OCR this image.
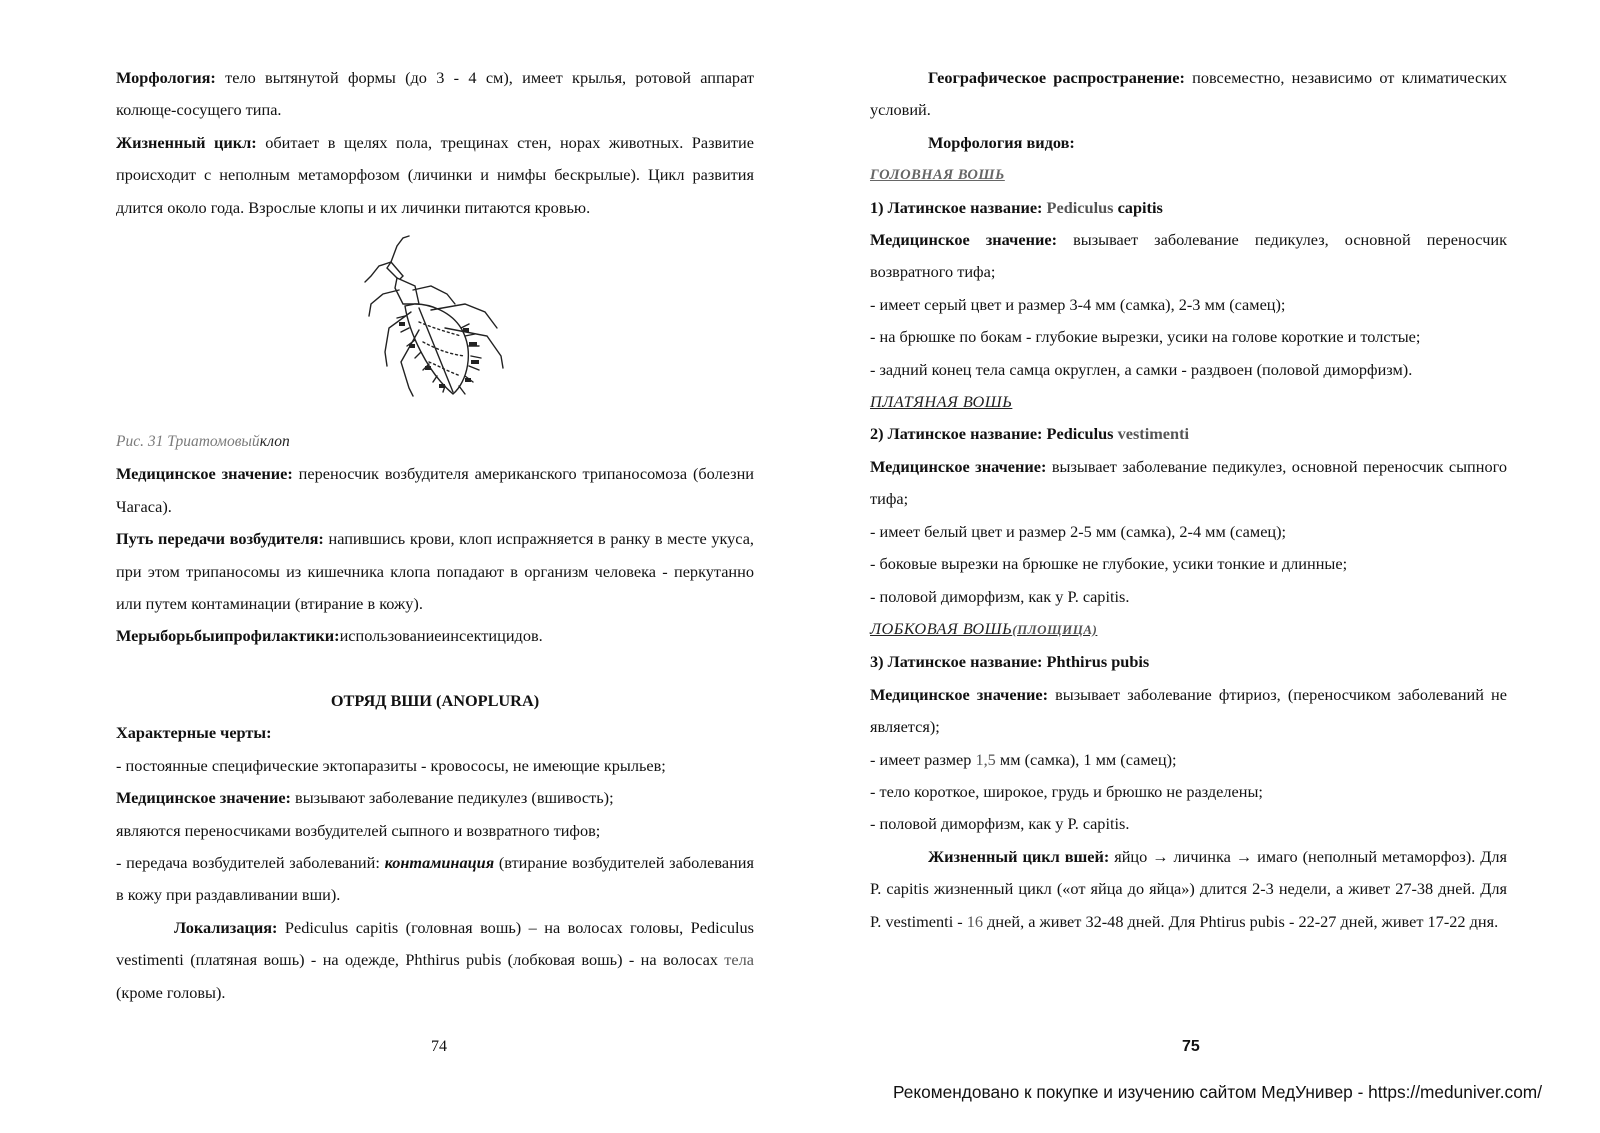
Морфология: тело вытянутой формы (до 3 - 4 см), имеет крылья, ротовой аппарат колюще-сосущего типа.

Жизненный цикл: обитает в щелях пола, трещинах стен, норах животных. Развитие происходит с неполным метаморфозом (личинки и нимфы бескрылые). Цикл развития длится около года. Взрослые клопы и их личинки питаются кровью.

Рис. 31 Триатомовыйклоп

Медицинское значение: переносчик возбудителя американского трипаносомоза (болезни Чагаса).

Путь передачи возбудителя: напившись крови, клоп испражняется в ранку в месте укуса, при этом трипаносомы из кишечника клопа попадают в организм человека - перкутанно или путем контаминации (втирание в кожу).

Мерыборьбыипрофилактики:использованиеинсектицидов.

ОТРЯД ВШИ (ANOPLURA)

Характерные черты:

- постоянные специфические эктопаразиты - кровососы, не имеющие крыльев;

Медицинское значение: вызывают заболевание педикулез (вшивость);

являются переносчиками возбудителей сыпного и возвратного тифов;

- передача возбудителей заболеваний: контаминация (втирание возбудителей заболевания в кожу при раздавливании вши).

Локализация: Pediculus capitis (головная вошь) – на волосах головы, Pediculus vestimenti (платяная вошь) - на одежде, Phthirus pubis (лобковая вошь) - на волосах тела (кроме головы).

74

Географическое распространение: повсеместно, независимо от климатических условий.

Морфология видов:

ГОЛОВНАЯ ВОШЬ

1) Латинское название: Pediculus capitis

Медицинское значение: вызывает заболевание педикулез, основной переносчик возвратного тифа;

- имеет серый цвет и размер 3-4 мм (самка), 2-3 мм (самец);

- на брюшке по бокам - глубокие вырезки, усики на голове короткие и толстые;

- задний конец тела самца округлен, а самки - раздвоен (половой диморфизм).

ПЛАТЯНАЯ ВОШЬ

2) Латинское название: Pediculus vestimenti

Медицинское значение: вызывает заболевание педикулез, основной переносчик сыпного тифа;

- имеет белый цвет и размер 2-5 мм (самка), 2-4 мм (самец);

- боковые вырезки на брюшке не глубокие, усики тонкие и длинные;

- половой диморфизм, как у P. capitis.

ЛОБКОВАЯ ВОШЬ(ПЛОЩИЦА)

3) Латинское название: Phthirus pubis

Медицинское значение: вызывает заболевание фтириоз, (переносчиком заболеваний не является);

- имеет размер 1,5 мм (самка), 1 мм (самец);

- тело короткое, широкое, грудь и брюшко не разделены;

- половой диморфизм, как у P. capitis.

Жизненный цикл вшей: яйцо → личинка → имаго (неполный метаморфоз). Для P. capitis жизненный цикл («от яйца до яйца») длится 2-3 недели, а живет 27-38 дней. Для P. vestimenti - 16 дней, а живет 32-48 дней. Для Phtirus pubis - 22-27 дней, живет 17-22 дня.

75
Рекомендовано к покупке и изучению сайтом МедУнивер - https://meduniver.com/
